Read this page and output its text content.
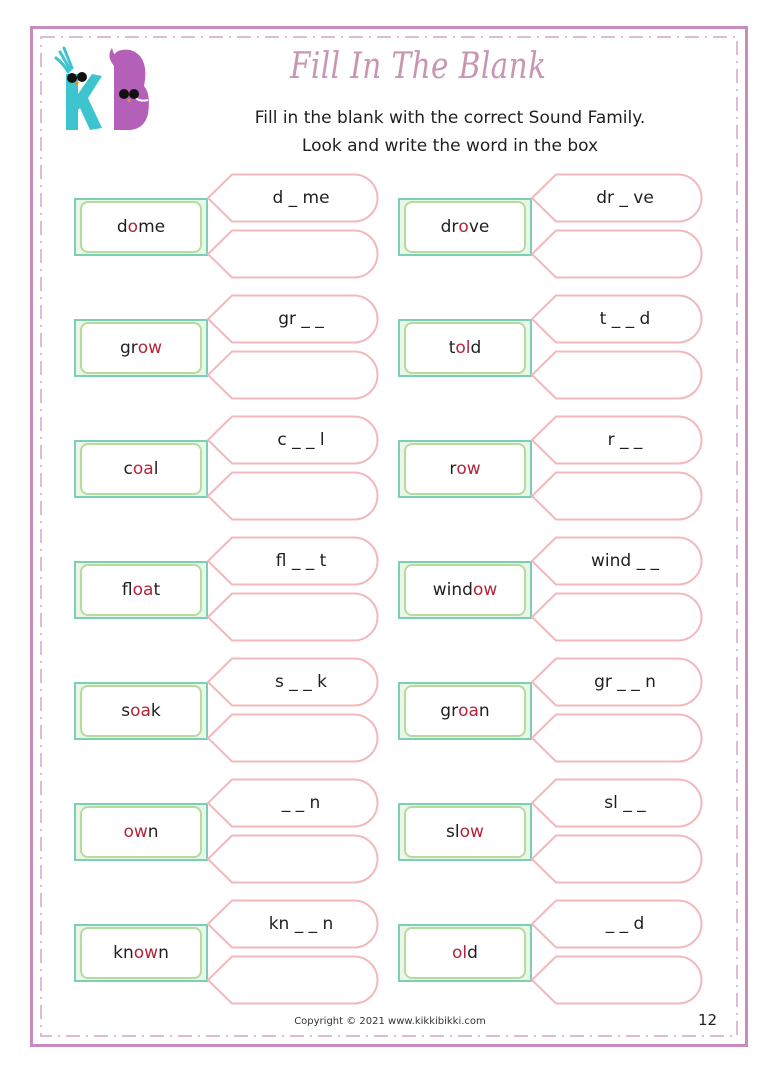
Fill In The Blank
Fill in the blank with the correct Sound Family.
Look and write the word in the box
d o me
d _ me
dr o ve
dr _ ve
gr ow
gr _ _
t ol d
t _ _ d
c oa l
c _ _ l
r ow
r _ _
fl oa t
fl _ _ t
wind ow
wind _ _
s oa k
s _ _ k
gr oa n
gr _ _ n
ow n
_ _ n
sl ow
sl _ _
kn ow n
kn _ _ n
ol d
_ _ d
Copyright © 2021 www.kikkibikki.com	12
